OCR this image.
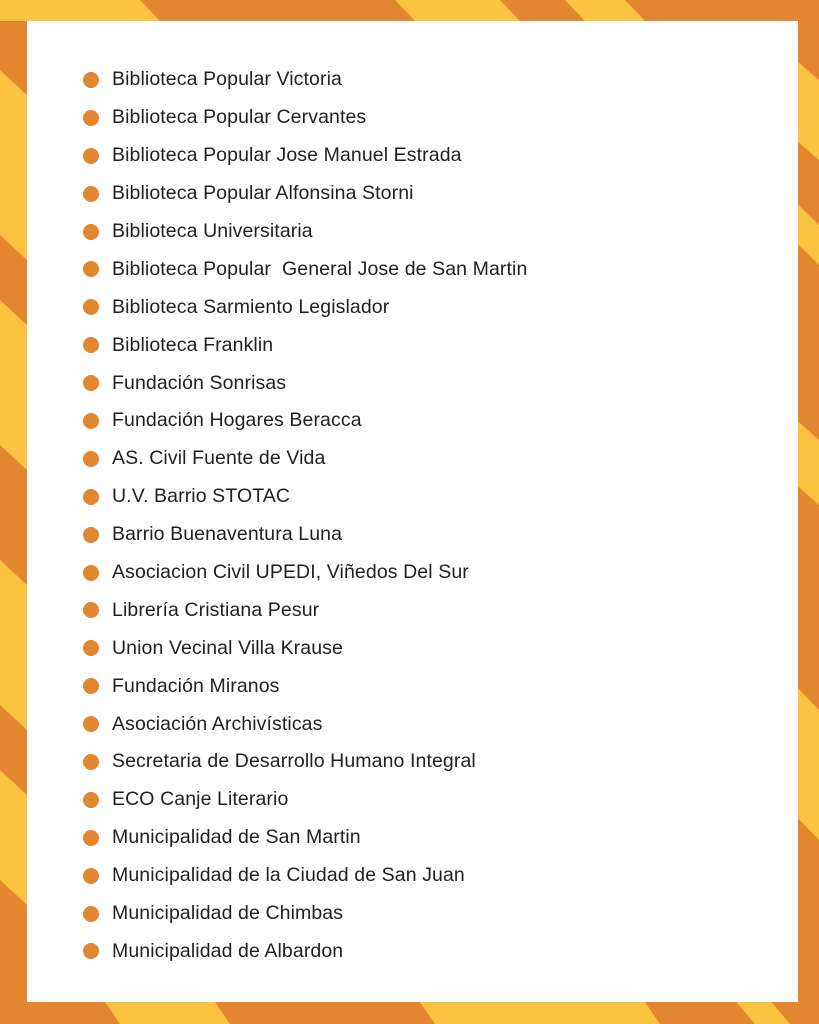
Biblioteca Popular Victoria
Biblioteca Popular Cervantes
Biblioteca Popular Jose Manuel Estrada
Biblioteca Popular Alfonsina Storni
Biblioteca Universitaria
Biblioteca Popular  General Jose de San Martin
Biblioteca Sarmiento Legislador
Biblioteca Franklin
Fundación Sonrisas
Fundación Hogares Beracca
AS. Civil Fuente de Vida
U.V. Barrio STOTAC
Barrio Buenaventura Luna
Asociacion Civil UPEDI, Viñedos Del Sur
Librería Cristiana Pesur
Union Vecinal Villa Krause
Fundación Miranos
Asociación Archivísticas
Secretaria de Desarrollo Humano Integral
ECO Canje Literario
Municipalidad de San Martin
Municipalidad de la Ciudad de San Juan
Municipalidad de Chimbas
Municipalidad de Albardon
